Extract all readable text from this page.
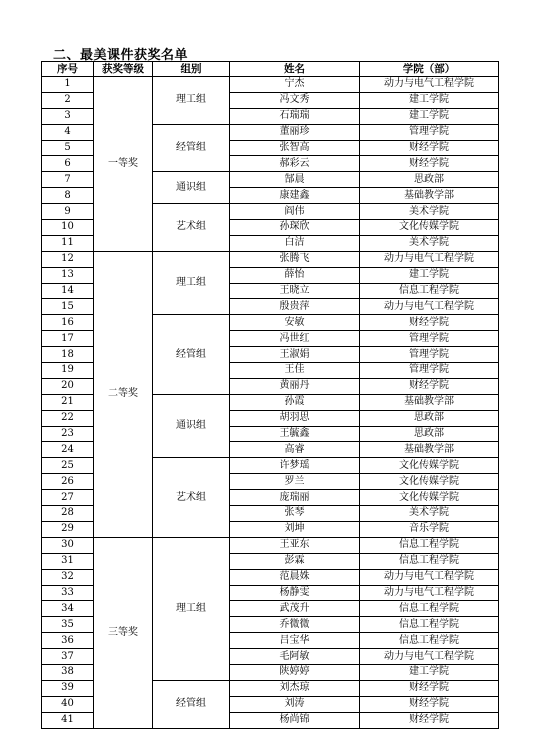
二、最美课件获奖名单
序号	获奖等级	组别	姓名	学院（部）
1	一等奖	理工组	宁杰	动力与电气工程学院
2			冯文秀	建工学院
3			石瑞瑞	建工学院
4		经管组	董丽珍	管理学院
5			张智高	财经学院
6			郝彩云	财经学院
7		通识组	郜晨	思政部
8			康建鑫	基础教学部
9		艺术组	阎伟	美术学院
10			孙琛欣	文化传媒学院
11			白洁	美术学院
12	二等奖	理工组	张腾飞	动力与电气工程学院
13			薛怡	建工学院
14			王晓立	信息工程学院
15			殷贵萍	动力与电气工程学院
16		经管组	安敏	财经学院
17			冯世红	管理学院
18			王淑娟	管理学院
19			王佳	管理学院
20			黄丽丹	财经学院
21		通识组	孙霞	基础教学部
22			胡羽思	思政部
23			王毓鑫	思政部
24			高睿	基础教学部
25		艺术组	许梦瑶	文化传媒学院
26			罗兰	文化传媒学院
27			庞瑞丽	文化传媒学院
28			张琴	美术学院
29			刘坤	音乐学院
30	三等奖	理工组	王亚东	信息工程学院
31			彭霖	信息工程学院
32			范晨姝	动力与电气工程学院
33			杨静雯	动力与电气工程学院
34			武茂升	信息工程学院
35			乔微微	信息工程学院
36			吕宝华	信息工程学院
37			毛阿敏	动力与电气工程学院
38			陕婷婷	建工学院
39		经管组	刘杰琼	财经学院
40			刘涛	财经学院
41			杨尚锦	财经学院
